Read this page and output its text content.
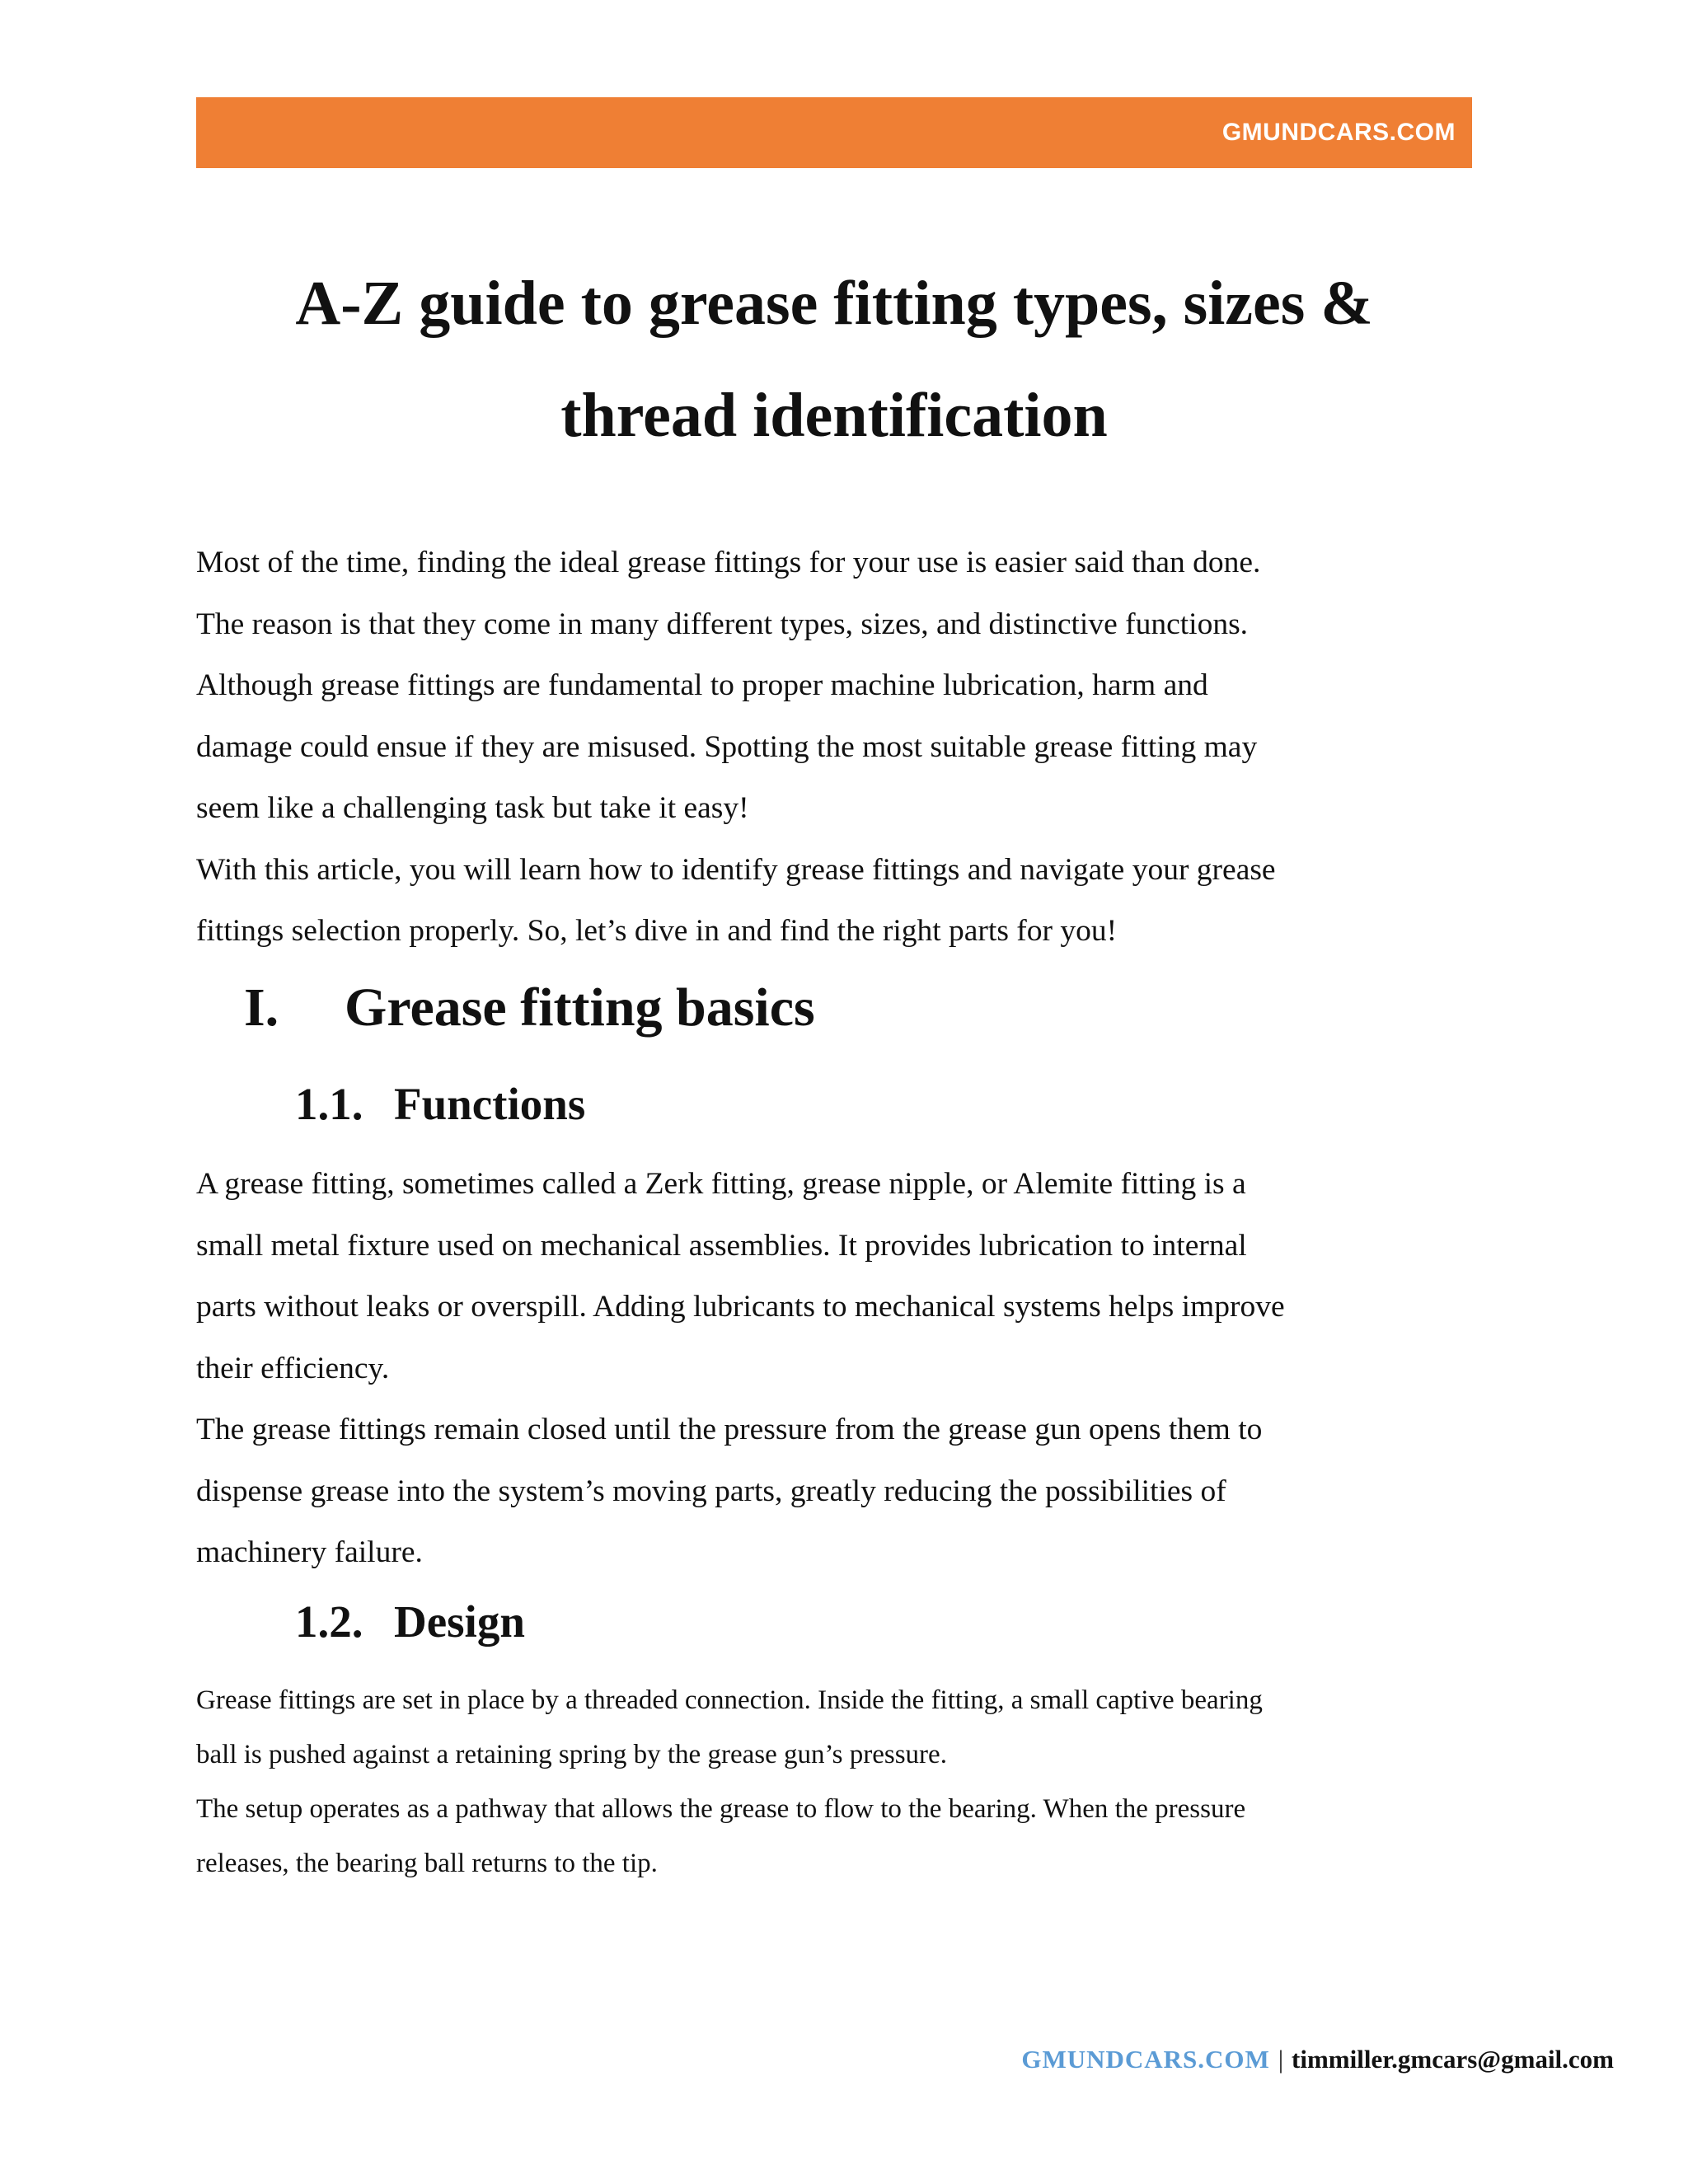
GMUNDCARS.COM
A-Z guide to grease fitting types, sizes &
thread identification

Most of the time, finding the ideal grease fittings for your use is easier said than done.

The reason is that they come in many different types, sizes, and distinctive functions.

Although grease fittings are fundamental to proper machine lubrication, harm and

damage could ensue if they are misused. Spotting the most suitable grease fitting may

seem like a challenging task but take it easy!

With this article, you will learn how to identify grease fittings and navigate your grease

fittings selection properly. So, let’s dive in and find the right parts for you!

I. Grease fitting basics
1.1. Functions

A grease fitting, sometimes called a Zerk fitting, grease nipple, or Alemite fitting is a

small metal fixture used on mechanical assemblies. It provides lubrication to internal

parts without leaks or overspill. Adding lubricants to mechanical systems helps improve

their efficiency.

The grease fittings remain closed until the pressure from the grease gun opens them to

dispense grease into the system’s moving parts, greatly reducing the possibilities of

machinery failure.

1.2. Design

Grease fittings are set in place by a threaded connection. Inside the fitting, a small captive bearing

ball is pushed against a retaining spring by the grease gun’s pressure.

The setup operates as a pathway that allows the grease to flow to the bearing. When the pressure

releases, the bearing ball returns to the tip.

GMUNDCARS.COM | timmiller.gmcars@gmail.com
